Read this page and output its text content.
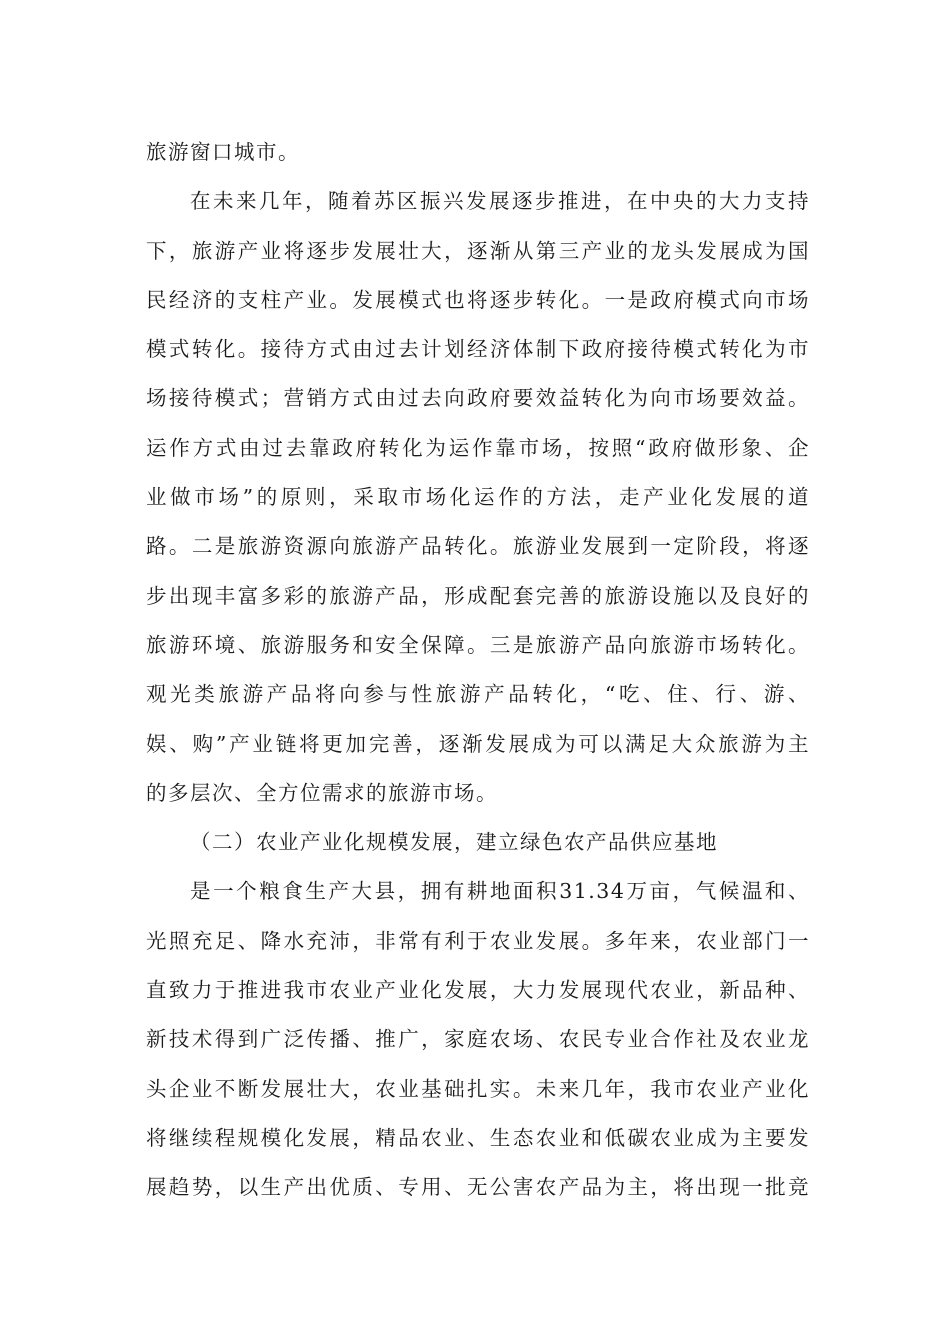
旅游窗口城市。
在未来几年，随着苏区振兴发展逐步推进，在中央的大力支持
下，旅游产业将逐步发展壮大，逐渐从第三产业的龙头发展成为国
民经济的支柱产业。发展模式也将逐步转化。一是政府模式向市场
模式转化。接待方式由过去计划经济体制下政府接待模式转化为市
场接待模式；营销方式由过去向政府要效益转化为向市场要效益。
运作方式由过去靠政府转化为运作靠市场，按照“政府做形象、企
业做市场”的原则，采取市场化运作的方法，走产业化发展的道
路。二是旅游资源向旅游产品转化。旅游业发展到一定阶段，将逐
步出现丰富多彩的旅游产品，形成配套完善的旅游设施以及良好的
旅游环境、旅游服务和安全保障。三是旅游产品向旅游市场转化。
观光类旅游产品将向参与性旅游产品转化，“吃、住、行、游、
娱、购”产业链将更加完善，逐渐发展成为可以满足大众旅游为主
的多层次、全方位需求的旅游市场。
（二）农业产业化规模发展，建立绿色农产品供应基地
是一个粮食生产大县，拥有耕地面积31.34万亩，气候温和、
光照充足、降水充沛，非常有利于农业发展。多年来，农业部门一
直致力于推进我市农业产业化发展，大力发展现代农业，新品种、
新技术得到广泛传播、推广，家庭农场、农民专业合作社及农业龙
头企业不断发展壮大，农业基础扎实。未来几年，我市农业产业化
将继续程规模化发展，精品农业、生态农业和低碳农业成为主要发
展趋势，以生产出优质、专用、无公害农产品为主，将出现一批竞
